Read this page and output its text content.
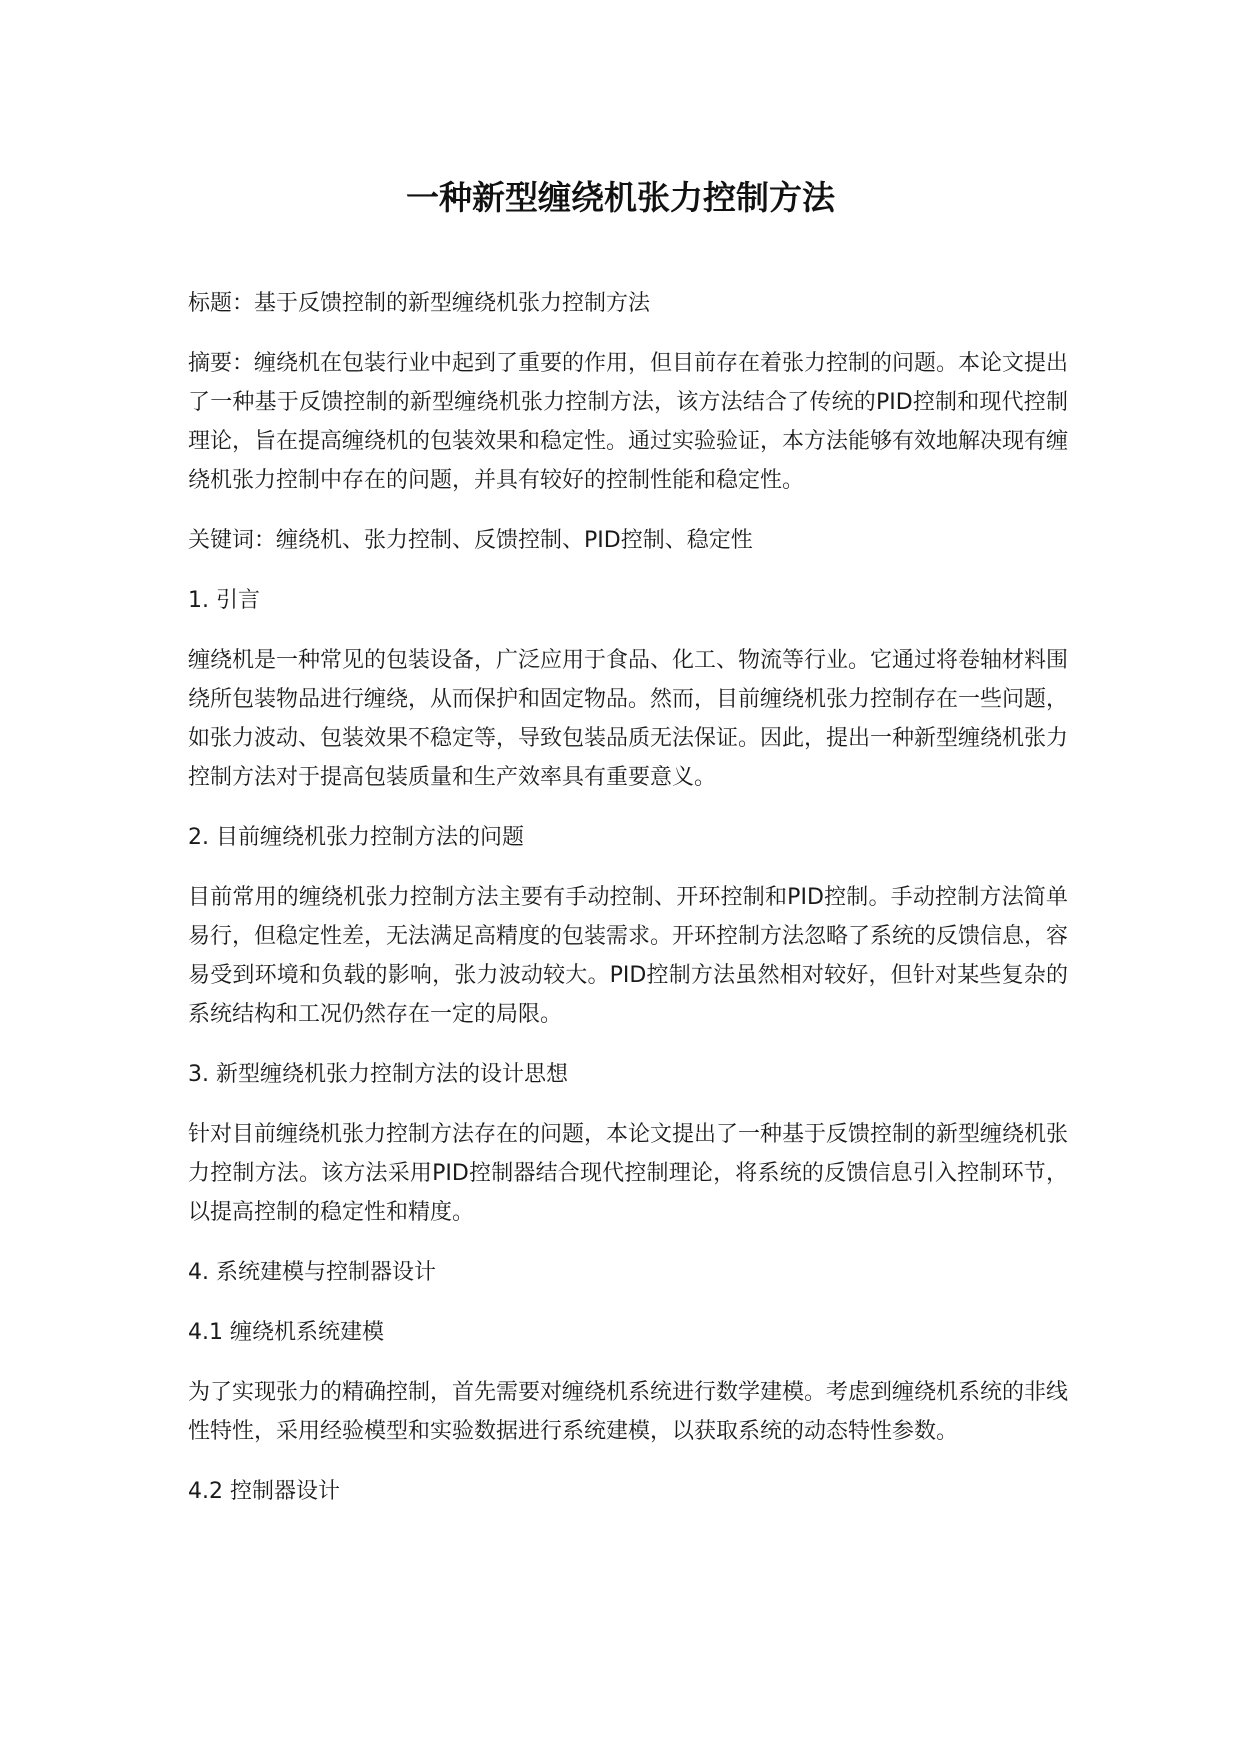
一种新型缠绕机张力控制方法

标题：基于反馈控制的新型缠绕机张力控制方法

摘要：缠绕机在包装行业中起到了重要的作用，但目前存在着张力控制的问题。本论文提出了一种基于反馈控制的新型缠绕机张力控制方法，该方法结合了传统的PID控制和现代控制理论，旨在提高缠绕机的包装效果和稳定性。通过实验验证，本方法能够有效地解决现有缠绕机张力控制中存在的问题，并具有较好的控制性能和稳定性。

关键词：缠绕机、张力控制、反馈控制、PID控制、稳定性

1. 引言

缠绕机是一种常见的包装设备，广泛应用于食品、化工、物流等行业。它通过将卷轴材料围绕所包装物品进行缠绕，从而保护和固定物品。然而，目前缠绕机张力控制存在一些问题，如张力波动、包装效果不稳定等，导致包装品质无法保证。因此，提出一种新型缠绕机张力控制方法对于提高包装质量和生产效率具有重要意义。

2. 目前缠绕机张力控制方法的问题

目前常用的缠绕机张力控制方法主要有手动控制、开环控制和PID控制。手动控制方法简单易行，但稳定性差，无法满足高精度的包装需求。开环控制方法忽略了系统的反馈信息，容易受到环境和负载的影响，张力波动较大。PID控制方法虽然相对较好，但针对某些复杂的系统结构和工况仍然存在一定的局限。

3. 新型缠绕机张力控制方法的设计思想

针对目前缠绕机张力控制方法存在的问题，本论文提出了一种基于反馈控制的新型缠绕机张力控制方法。该方法采用PID控制器结合现代控制理论，将系统的反馈信息引入控制环节，以提高控制的稳定性和精度。

4. 系统建模与控制器设计

4.1 缠绕机系统建模

为了实现张力的精确控制，首先需要对缠绕机系统进行数学建模。考虑到缠绕机系统的非线性特性，采用经验模型和实验数据进行系统建模，以获取系统的动态特性参数。

4.2 控制器设计
